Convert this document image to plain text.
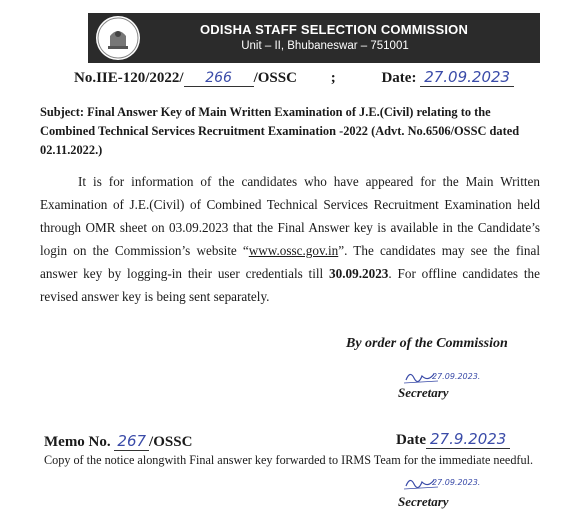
ODISHA STAFF SELECTION COMMISSION
Unit – II, Bhubaneswar – 751001
No.IIE-120/2022/ 266 /OSSC ;	Date: 27.09.2023
Subject: Final Answer Key of Main Written Examination of J.E.(Civil) relating to the Combined Technical Services Recruitment Examination -2022 (Advt. No.6506/OSSC dated 02.11.2022.)

It is for information of the candidates who have appeared for the Main Written Examination of J.E.(Civil) of Combined Technical Services Recruitment Examination held through OMR sheet on 03.09.2023 that the Final Answer key is available in the Candidate’s login on the Commission’s website “www.ossc.gov.in”. The candidates may see the final answer key by logging-in their user credentials till 30.09.2023. For offline candidates the revised answer key is being sent separately.

By order of the Commission
27.09.2023.
Secretary
Memo No. 267 /OSSC	Date 27.9.2023
Copy of the notice alongwith Final answer key forwarded to IRMS Team for the immediate needful.
27.09.2023.
Secretary
